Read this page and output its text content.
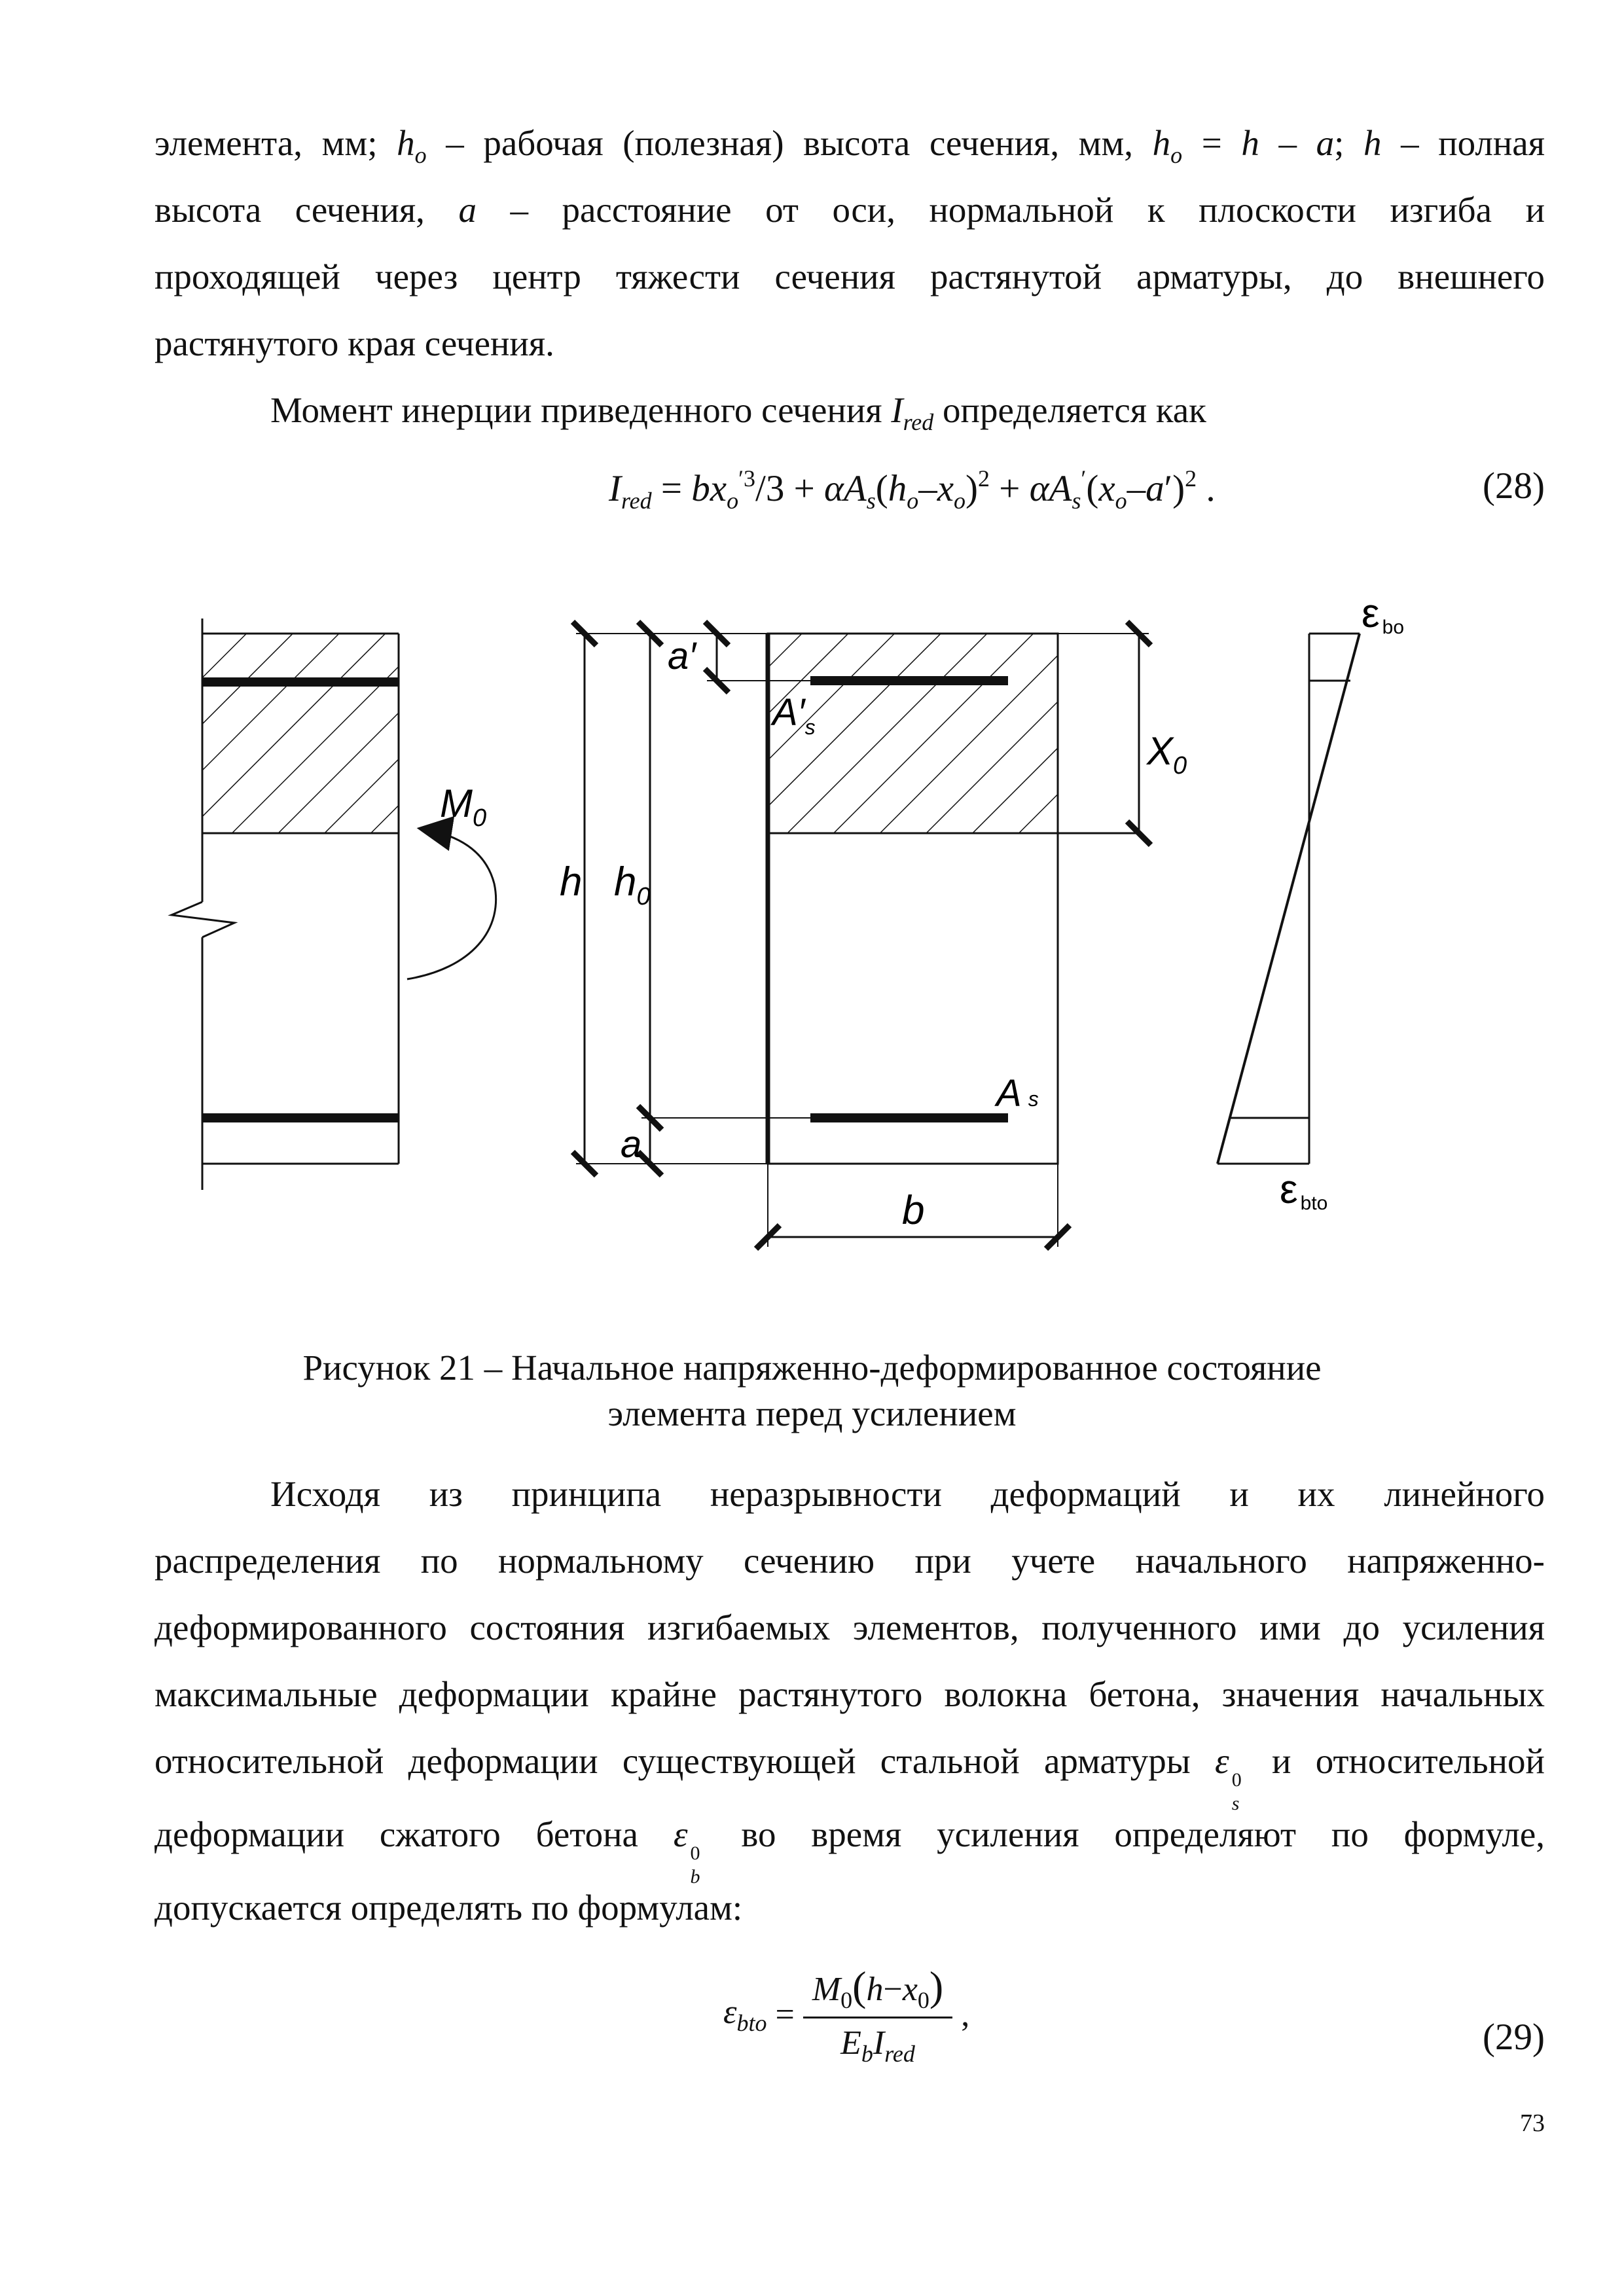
элемента, мм; $h_o$ – рабочая (полезная) высота сечения, мм, $h_o = h - a$; h – полная
высота сечения, a – расстояние от оси, нормальной к плоскости изгиба и
проходящей через центр тяжести сечения растянутой арматуры, до внешнего
растянутого края сечения.
Момент инерции приведенного сечения $I_{red}$ определяется как
$I_{red} = bx_o^{'3}/3 + \alpha A_s(h_o-x_o)^2 + \alpha A_s'(x_o-a')^2$ .	(28)
$M_0$
h $h_0$
a′
a
$A'_s$
As
$X_0$
b
εbo
εbto
Рисунок 21 – Начальное напряженно-деформированное состояние
элемента перед усилением
Исходя из принципа неразрывности деформаций и их линейного
распределения по нормальному сечению при учете начального напряженно-
деформированного состояния изгибаемых элементов, полученного ими до усиления
максимальные деформации крайне растянутого волокна бетона, значения начальных
относительной деформации существующей стальной арматуры ε 0
s
и относительной
деформации сжатого бетона ε 0
b
во время усиления определяют по формуле,
допускается определять по формулам:
$\varepsilon_{bto} = \frac{M_0(h-x_0)}{E_bI_{red}}$ ,
(29)
73
